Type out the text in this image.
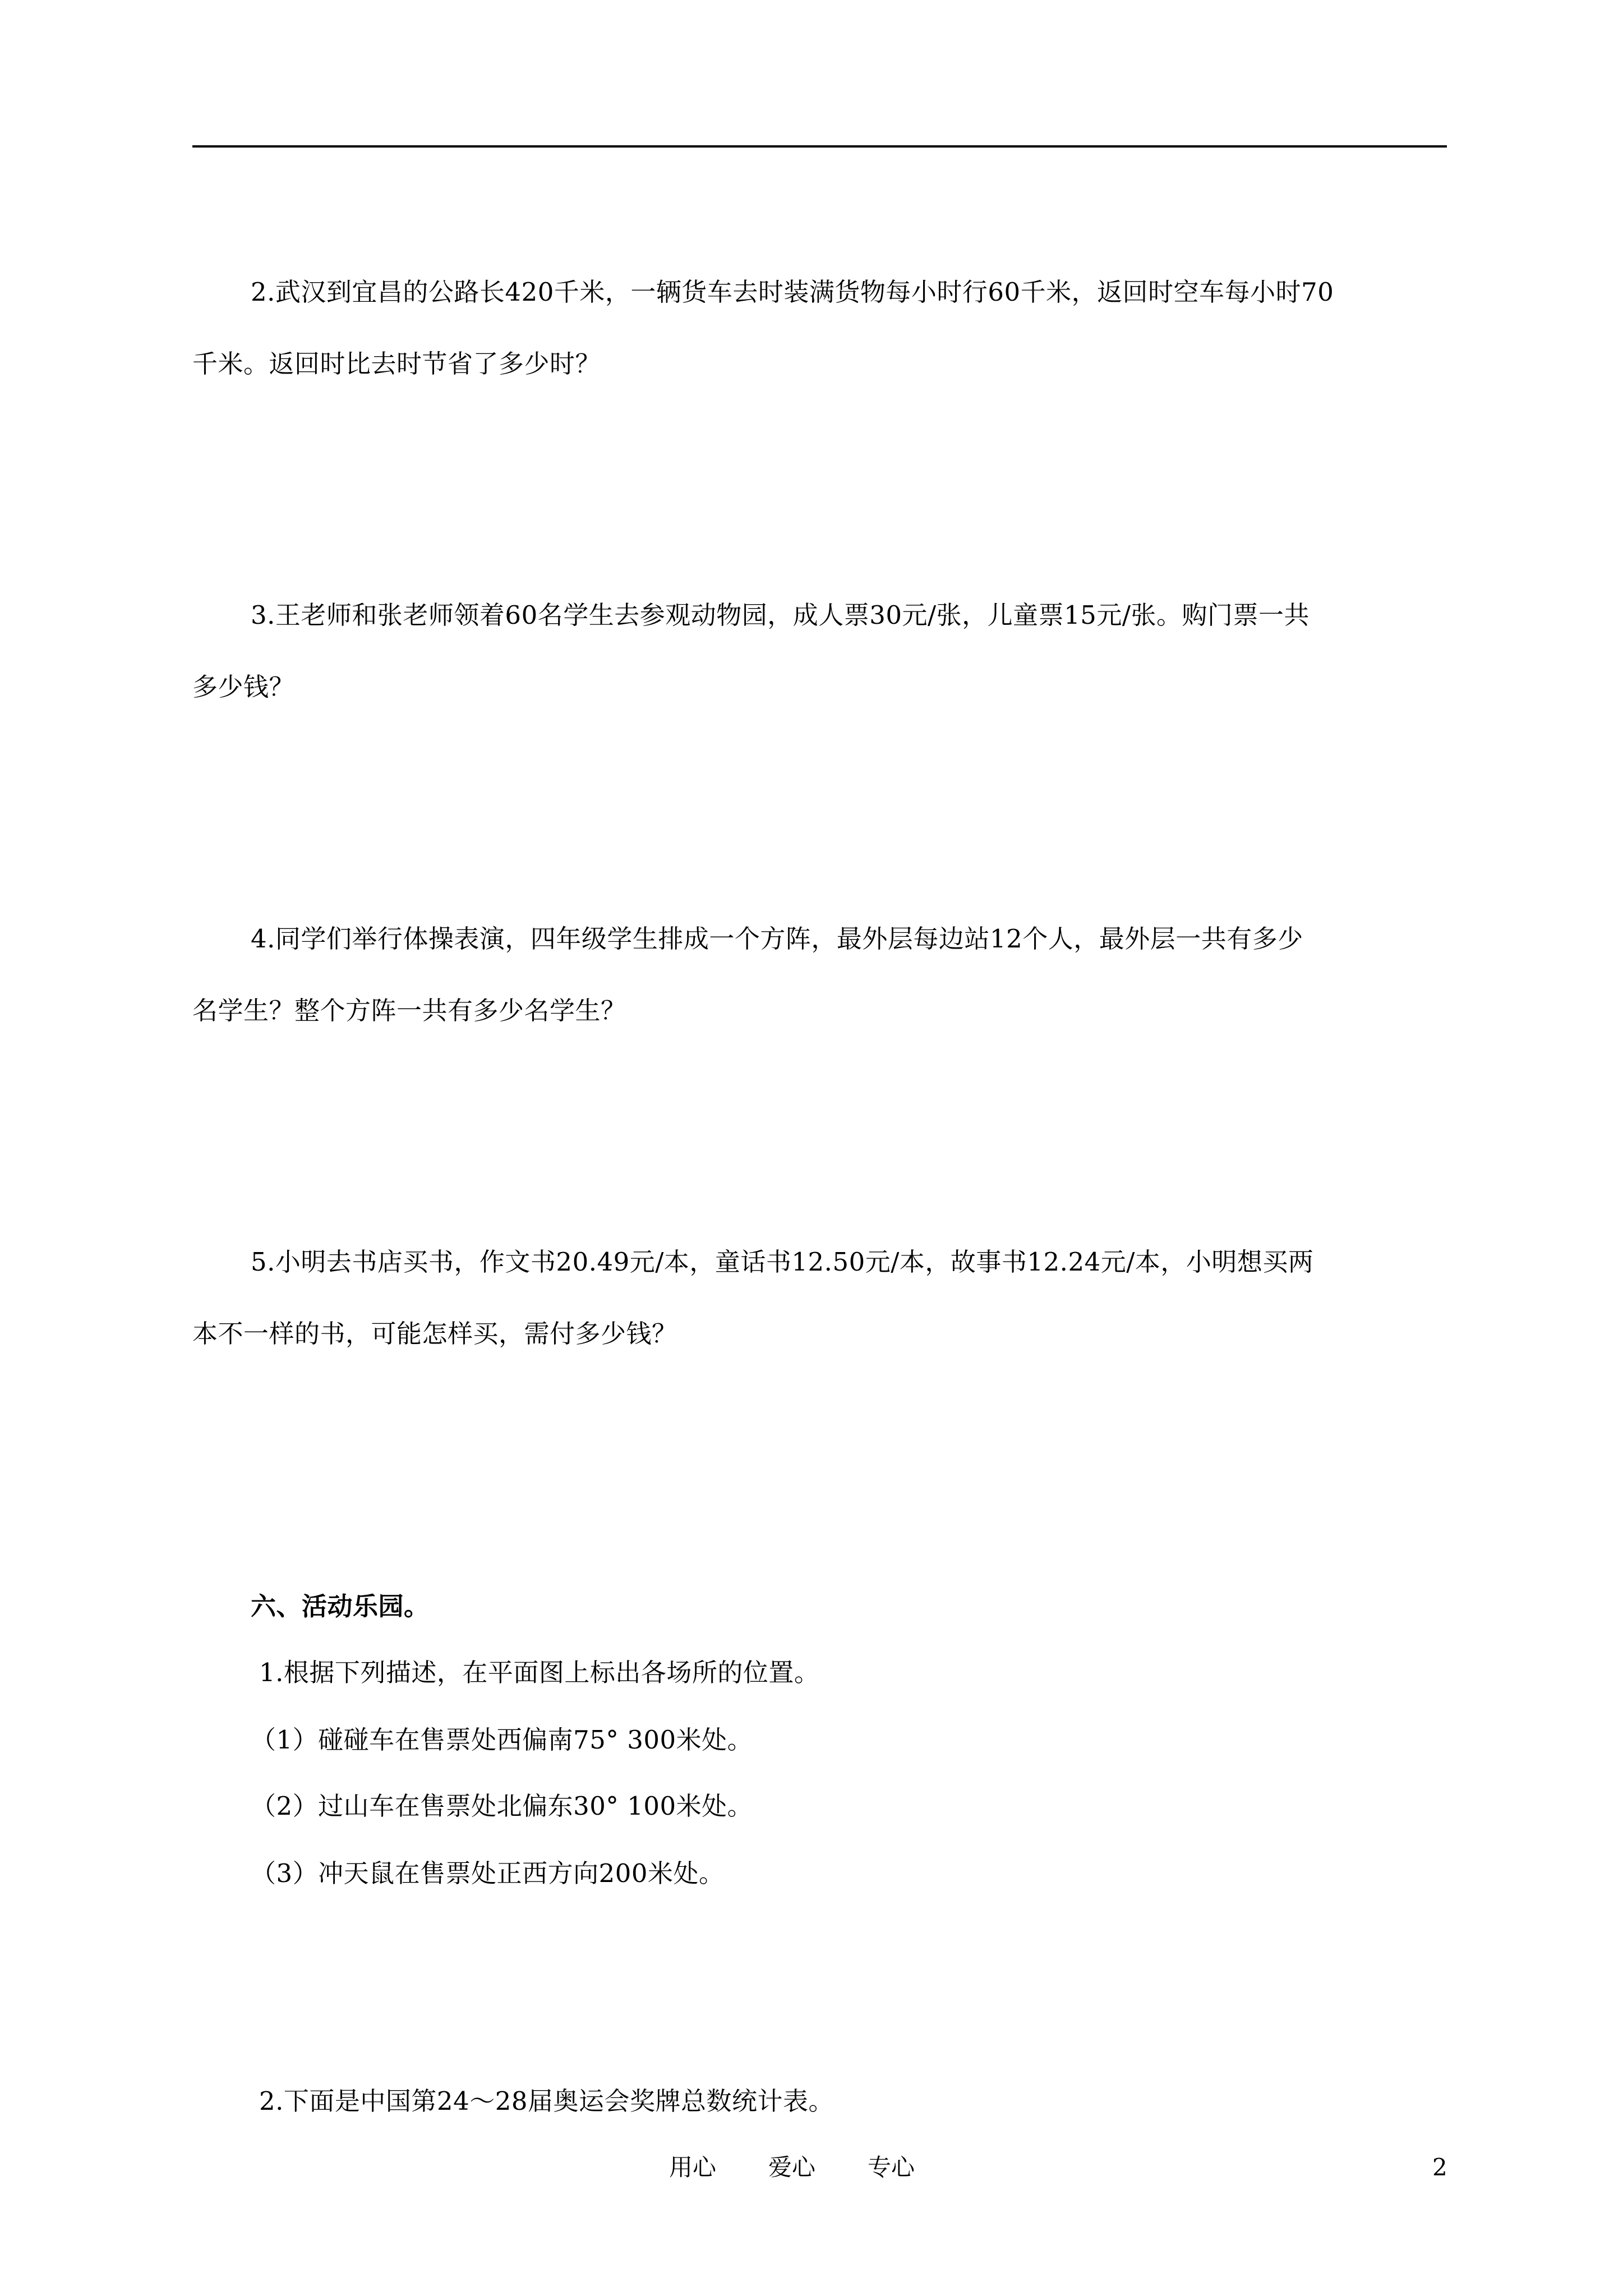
2.武汉到宜昌的公路长420千米，一辆货车去时装满货物每小时行60千米，返回时空车每小时70
千米。返回时比去时节省了多少时？
3.王老师和张老师领着60名学生去参观动物园，成人票30元/张，儿童票15元/张。购门票一共
多少钱？
4.同学们举行体操表演，四年级学生排成一个方阵，最外层每边站12个人，最外层一共有多少
名学生？整个方阵一共有多少名学生？
5.小明去书店买书，作文书20.49元/本，童话书12.50元/本，故事书12.24元/本，小明想买两
本不一样的书，可能怎样买，需付多少钱？
六、活动乐园。
1.根据下列描述，在平面图上标出各场所的位置。
（1）碰碰车在售票处西偏南75° 300米处。
（2）过山车在售票处北偏东30° 100米处。
（3）冲天鼠在售票处正西方向200米处。
2.下面是中国第24～28届奥运会奖牌总数统计表。
用心 爱心 专心	2
